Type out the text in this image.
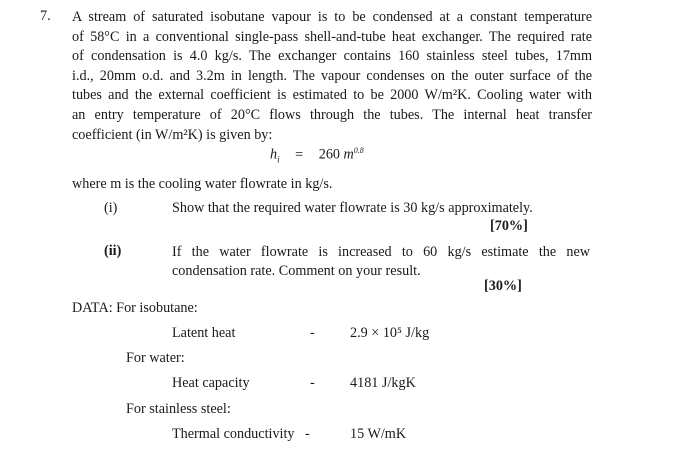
7. A stream of saturated isobutane vapour is to be condensed at a constant temperature
of 58°C in a conventional single-pass shell-and-tube heat exchanger. The required rate
of condensation is 4.0 kg/s. The exchanger contains 160 stainless steel tubes, 17mm
i.d., 20mm o.d. and 3.2m in length. The vapour condenses on the outer surface of the
tubes and the external coefficient is estimated to be 2000 W/m²K. Cooling water with
an entry temperature of 20°C flows through the tubes. The internal heat transfer
coefficient (in W/m²K) is given by:
$h_i = 260$ $m^{0.8}$
where m is the cooling water flowrate in kg/s.
(i)	Show that the required water flowrate is 30 kg/s approximately.
[70%]
(ii)	If the water flowrate is increased to 60 kg/s estimate the new
condensation rate. Comment on your result.
[30%]
DATA: For isobutane:
Latent heat	- 2.9 × 10⁵ J/kg
For water:
Heat capacity	- 4181 J/kgK
For stainless steel:
Thermal conductivity -	15 W/mK
